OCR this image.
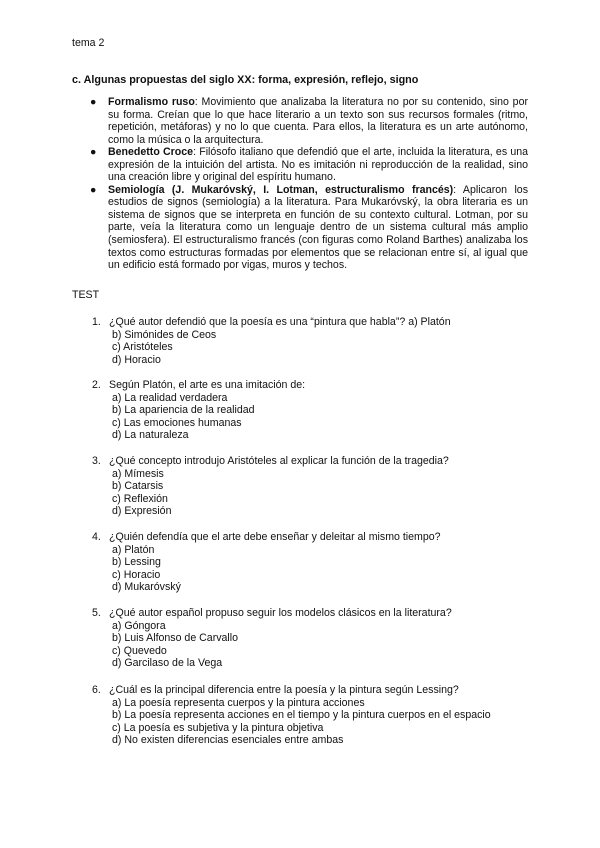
tema 2
c. Algunas propuestas del siglo XX: forma, expresión, reflejo, signo
● Formalismo ruso: Movimiento que analizaba la literatura no por su contenido, sino por su forma. Creían que lo que hace literario a un texto son sus recursos formales (ritmo, repetición, metáforas) y no lo que cuenta. Para ellos, la literatura es un arte autónomo, como la música o la arquitectura.
● Benedetto Croce: Filósofo italiano que defendió que el arte, incluida la literatura, es una expresión de la intuición del artista. No es imitación ni reproducción de la realidad, sino una creación libre y original del espíritu humano.
● Semiología (J. Mukaróvský, I. Lotman, estructuralismo francés): Aplicaron los estudios de signos (semiología) a la literatura. Para Mukaróvský, la obra literaria es un sistema de signos que se interpreta en función de su contexto cultural. Lotman, por su parte, veía la literatura como un lenguaje dentro de un sistema cultural más amplio (semiosfera). El estructuralismo francés (con figuras como Roland Barthes) analizaba los textos como estructuras formadas por elementos que se relacionan entre sí, al igual que un edificio está formado por vigas, muros y techos.
TEST
1. ¿Qué autor defendió que la poesía es una “pintura que habla”? a) Platón
b) Simónides de Ceos
c) Aristóteles
d) Horacio
2. Según Platón, el arte es una imitación de:
a) La realidad verdadera
b) La apariencia de la realidad
c) Las emociones humanas
d) La naturaleza
3. ¿Qué concepto introdujo Aristóteles al explicar la función de la tragedia?
a) Mímesis
b) Catarsis
c) Reflexión
d) Expresión
4. ¿Quién defendía que el arte debe enseñar y deleitar al mismo tiempo?
a) Platón
b) Lessing
c) Horacio
d) Mukaróvský
5. ¿Qué autor español propuso seguir los modelos clásicos en la literatura?
a) Góngora
b) Luis Alfonso de Carvallo
c) Quevedo
d) Garcilaso de la Vega
6. ¿Cuál es la principal diferencia entre la poesía y la pintura según Lessing?
a) La poesía representa cuerpos y la pintura acciones
b) La poesía representa acciones en el tiempo y la pintura cuerpos en el espacio
c) La poesía es subjetiva y la pintura objetiva
d) No existen diferencias esenciales entre ambas
